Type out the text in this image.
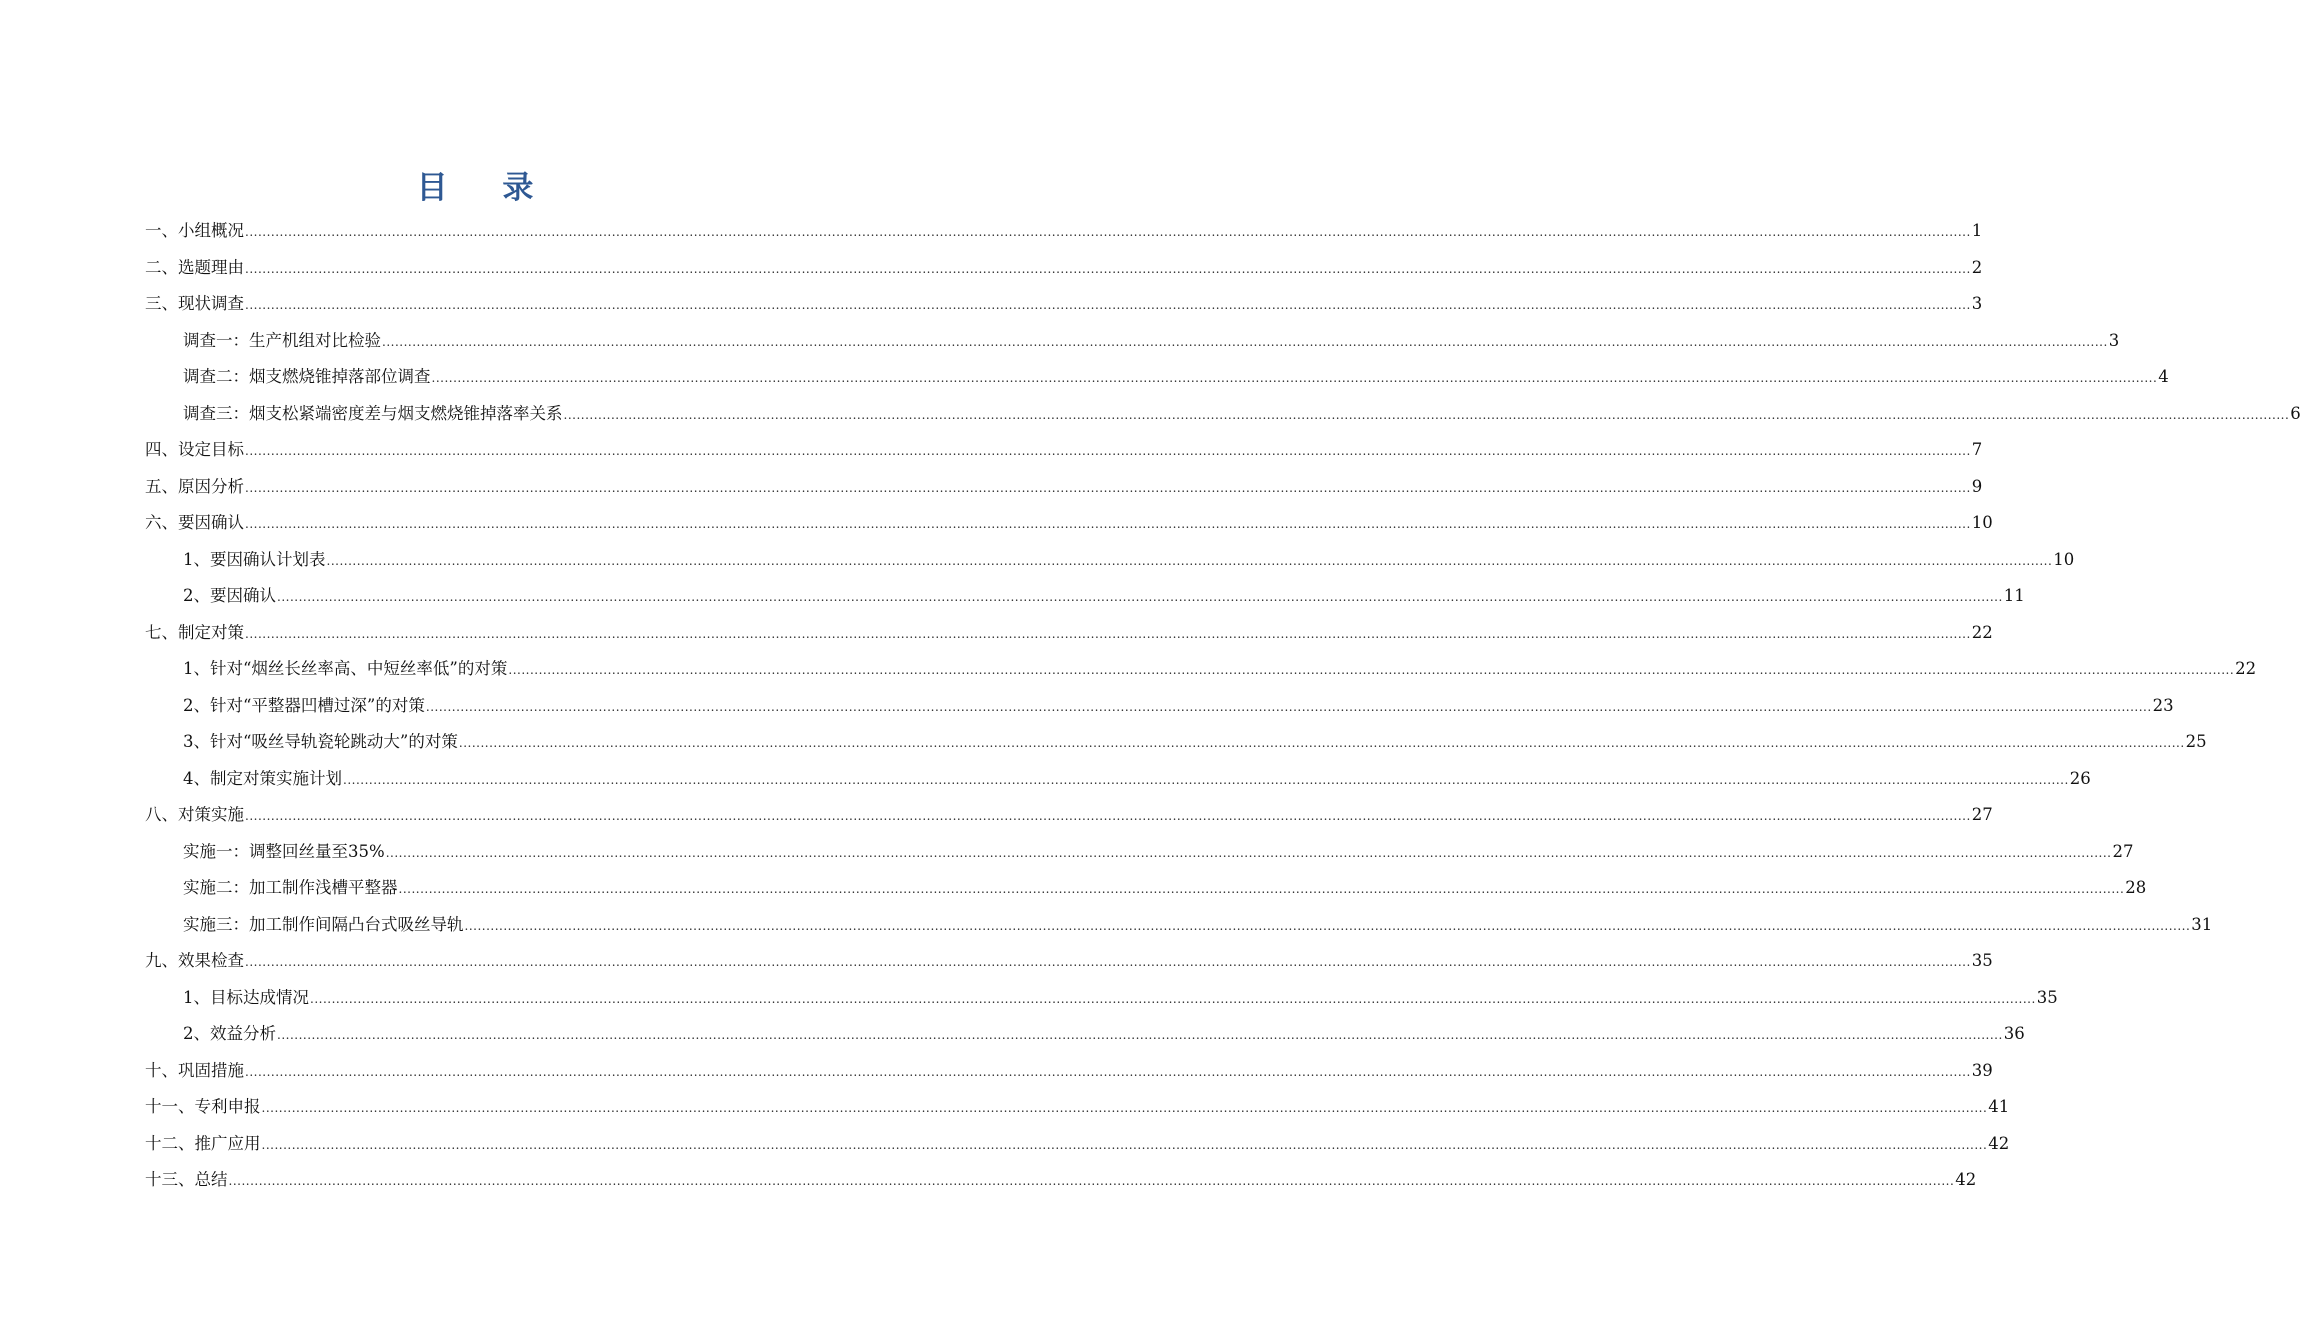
目 录
一、小组概况 ................................................................................................................................................................................................................................................................................................................................................................................................................ 1
二、选题理由 ................................................................................................................................................................................................................................................................................................................................................................................................................ 2
三、现状调查 ................................................................................................................................................................................................................................................................................................................................................................................................................ 3
调查一：生产机组对比检验 ................................................................................................................................................................................................................................................................................................................................................................................................................ 3
调查二：烟支燃烧锥掉落部位调查 ................................................................................................................................................................................................................................................................................................................................................................................................................ 4
调查三：烟支松紧端密度差与烟支燃烧锥掉落率关系 ................................................................................................................................................................................................................................................................................................................................................................................................................ 6
四、设定目标 ................................................................................................................................................................................................................................................................................................................................................................................................................ 7
五、原因分析 ................................................................................................................................................................................................................................................................................................................................................................................................................ 9
六、要因确认 ................................................................................................................................................................................................................................................................................................................................................................................................................ 10
1、要因确认计划表 ................................................................................................................................................................................................................................................................................................................................................................................................................ 10
2、要因确认 ................................................................................................................................................................................................................................................................................................................................................................................................................ 11
七、制定对策 ................................................................................................................................................................................................................................................................................................................................................................................................................ 22
1、针对“烟丝长丝率高、中短丝率低”的对策 ................................................................................................................................................................................................................................................................................................................................................................................................................ 22
2、针对“平整器凹槽过深”的对策 ................................................................................................................................................................................................................................................................................................................................................................................................................ 23
3、针对“吸丝导轨瓷轮跳动大”的对策 ................................................................................................................................................................................................................................................................................................................................................................................................................ 25
4、制定对策实施计划 ................................................................................................................................................................................................................................................................................................................................................................................................................ 26
八、对策实施 ................................................................................................................................................................................................................................................................................................................................................................................................................ 27
实施一：调整回丝量至35% ................................................................................................................................................................................................................................................................................................................................................................................................................ 27
实施二：加工制作浅槽平整器 ................................................................................................................................................................................................................................................................................................................................................................................................................ 28
实施三：加工制作间隔凸台式吸丝导轨 ................................................................................................................................................................................................................................................................................................................................................................................................................ 31
九、效果检查 ................................................................................................................................................................................................................................................................................................................................................................................................................ 35
1、目标达成情况 ................................................................................................................................................................................................................................................................................................................................................................................................................ 35
2、效益分析 ................................................................................................................................................................................................................................................................................................................................................................................................................ 36
十、巩固措施 ................................................................................................................................................................................................................................................................................................................................................................................................................ 39
十一、专利申报 ................................................................................................................................................................................................................................................................................................................................................................................................................ 41
十二、推广应用 ................................................................................................................................................................................................................................................................................................................................................................................................................ 42
十三、总结 ................................................................................................................................................................................................................................................................................................................................................................................................................ 42
